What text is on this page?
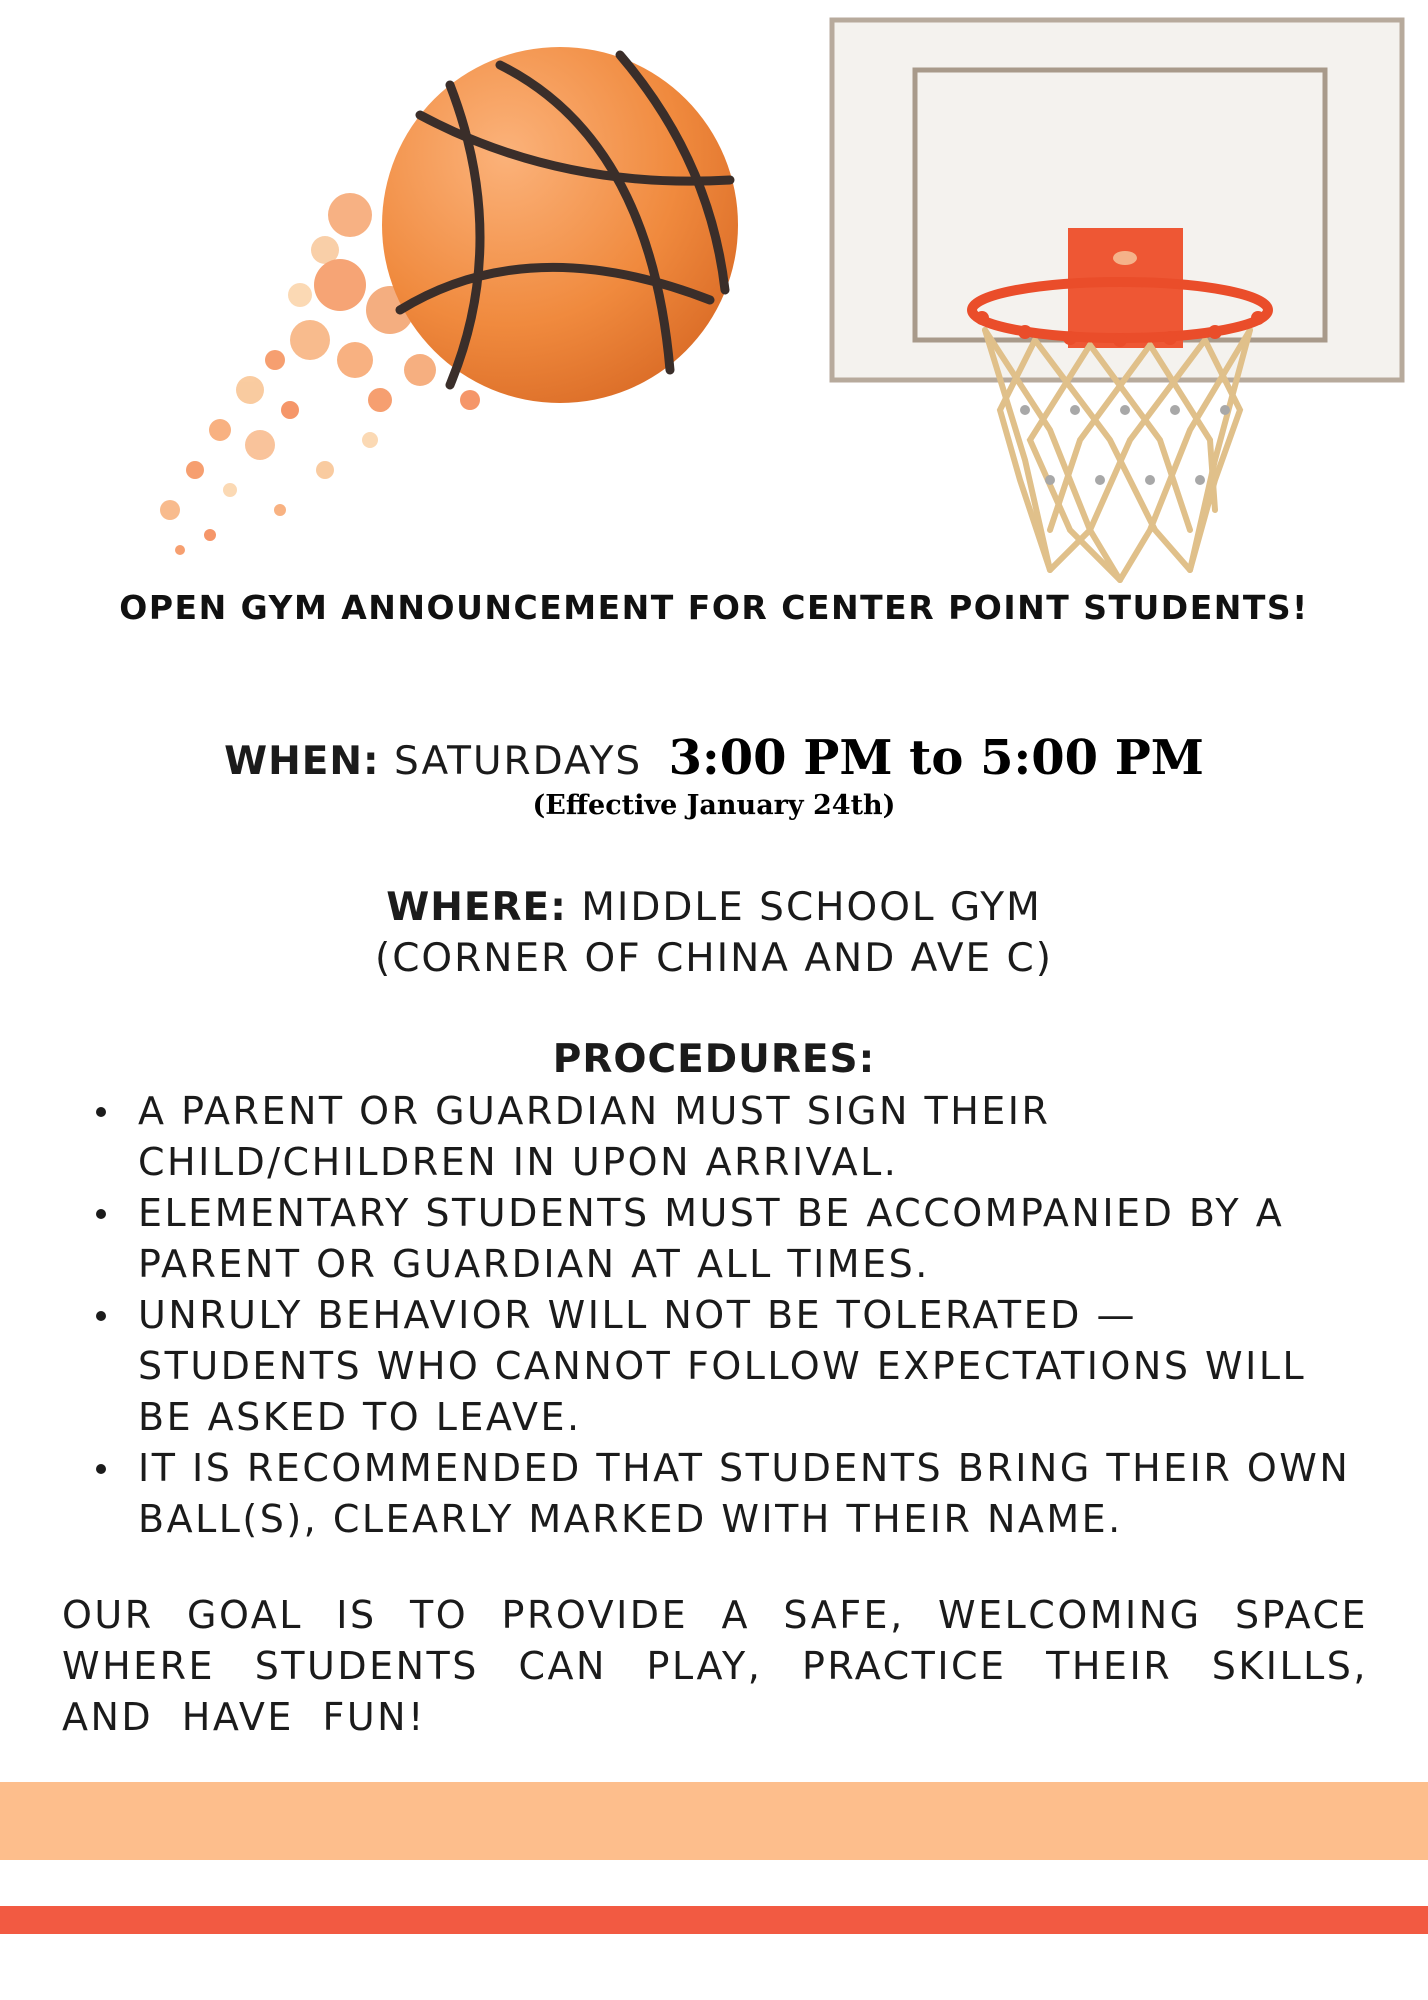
OPEN GYM ANNOUNCEMENT FOR CENTER POINT STUDENTS!
WHEN: SATURDAYS 3:00 PM to 5:00 PM
(Effective January 24th)
WHERE: MIDDLE SCHOOL GYM
(CORNER OF CHINA AND AVE C)
PROCEDURES:
A PARENT OR GUARDIAN MUST SIGN THEIR
CHILD/CHILDREN IN UPON ARRIVAL.
ELEMENTARY STUDENTS MUST BE ACCOMPANIED BY A
PARENT OR GUARDIAN AT ALL TIMES.
UNRULY BEHAVIOR WILL NOT BE TOLERATED —
STUDENTS WHO CANNOT FOLLOW EXPECTATIONS WILL
BE ASKED TO LEAVE.
IT IS RECOMMENDED THAT STUDENTS BRING THEIR OWN
BALL(S), CLEARLY MARKED WITH THEIR NAME.
OUR GOAL IS TO PROVIDE A SAFE, WELCOMING SPACE WHERE STUDENTS CAN PLAY, PRACTICE THEIR SKILLS, AND HAVE FUN!
